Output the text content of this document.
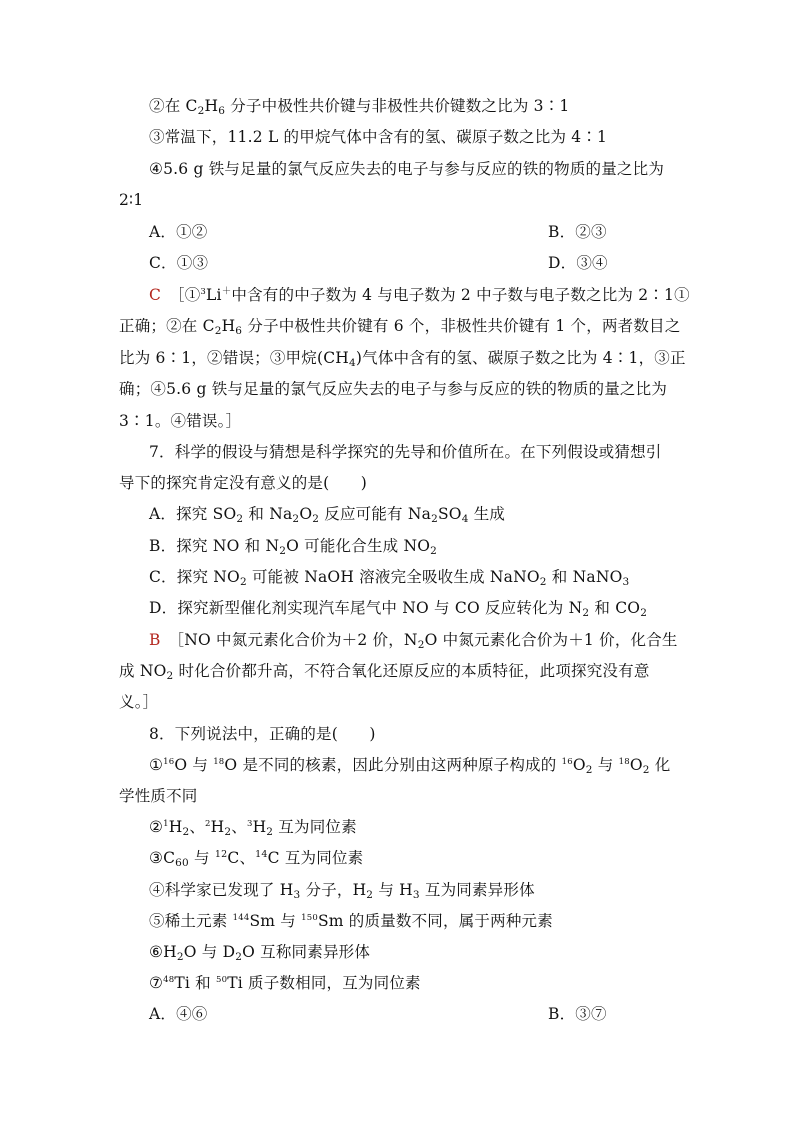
②在 $C_2H_6$ 分子中极性共价键与非极性共价键数之比为 3∶1
③常温下，11.2 L 的甲烷气体中含有的氢、碳原子数之比为 4∶1
④5.6 g 铁与足量的氯气反应失去的电子与参与反应的铁的物质的量之比为
2∶1
A．①②	B．②③
C．①③	D．③④
C　 ［①$^3$Li＋中含有的中子数为 4 与电子数为 2 中子数与电子数之比为 2∶1①
正确；②在 $C_2H_6$ 分子中极性共价键有 6 个，非极性共价键有 1 个，两者数目之
比为 6∶1，②错误；③甲烷$(CH_4)$气体中含有的氢、碳原子数之比为 4∶1，③正
确；④5.6 g 铁与足量的氯气反应失去的电子与参与反应的铁的物质的量之比为
3∶1。④错误。］
7．科学的假设与猜想是科学探究的先导和价值所在。在下列假设或猜想引
导下的探究肯定没有意义的是(　　)
A．探究 $SO_2$ 和 $Na_2O_2$ 反应可能有 $Na_2SO_4$ 生成
B．探究 NO 和 $N_2O$ 可能化合生成 $NO_2$
C．探究 $NO_2$ 可能被 NaOH 溶液完全吸收生成 NaNO$_2$ 和 NaNO$_3$
D．探究新型催化剂实现汽车尾气中 NO 与 CO 反应转化为 $N_2$ 和 $CO_2$
B　 ［NO 中氮元素化合价为＋2 价，$N_2O$ 中氮元素化合价为＋1 价，化合生
成 $NO_2$ 时化合价都升高，不符合氧化还原反应的本质特征，此项探究没有意
义。］
8．下列说法中，正确的是(　　)
①$^{16}$O 与 $^{18}$O 是不同的核素，因此分别由这两种原子构成的 $^{16}O_2$ 与 $^{18}O_2$ 化
学性质不同
$②^1H_2$、$^2H_2$、$^3H_2$ 互为同位素
$③C_{60}$ 与 $^{12}$C、$^{14}$C 互为同位素
④科学家已发现了 $H_3$ 分子，$H_2$ 与 $H_3$ 互为同素异形体
⑤稀土元素 $^{144}$Sm 与 $^{150}$Sm 的质量数不同，属于两种元素
$⑥H_2O$ 与 $D_2O$ 互称同素异形体
⑦$^{48}$Ti 和 $^{50}$Ti 质子数相同，互为同位素
A．④⑥	B．③⑦
